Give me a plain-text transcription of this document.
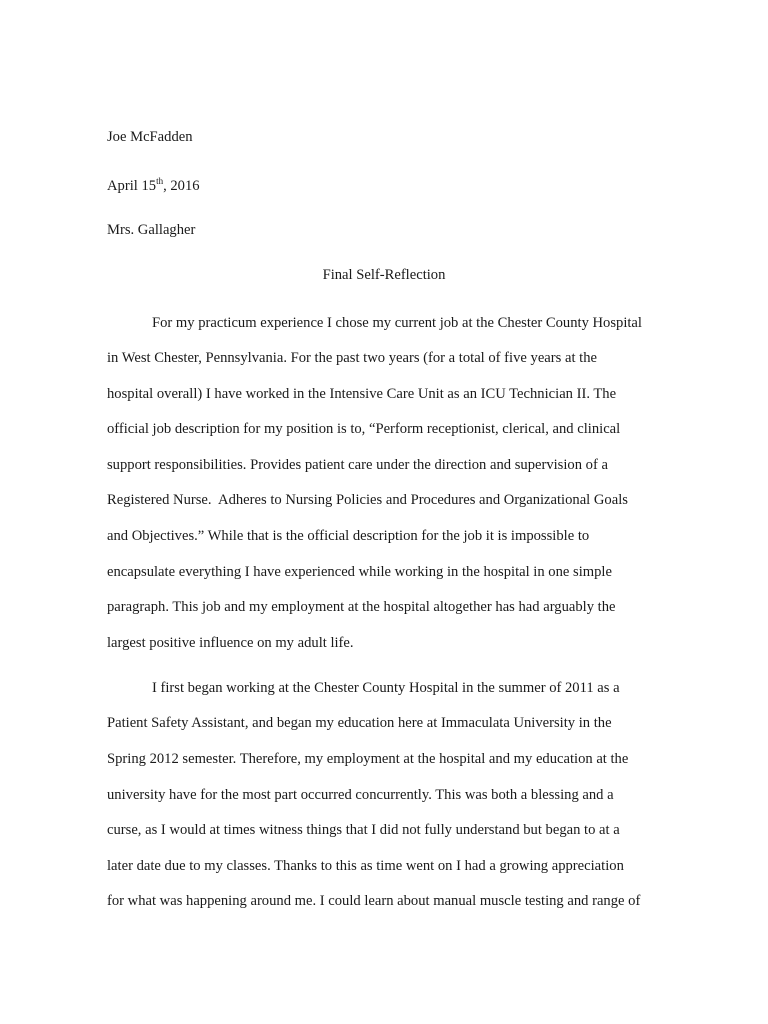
Joe McFadden
April 15th, 2016
Mrs. Gallagher
Final Self-Reflection
For my practicum experience I chose my current job at the Chester County Hospital
in West Chester, Pennsylvania. For the past two years (for a total of five years at the
hospital overall) I have worked in the Intensive Care Unit as an ICU Technician II. The
official job description for my position is to, “Perform receptionist, clerical, and clinical
support responsibilities. Provides patient care under the direction and supervision of a
Registered Nurse.  Adheres to Nursing Policies and Procedures and Organizational Goals
and Objectives.” While that is the official description for the job it is impossible to
encapsulate everything I have experienced while working in the hospital in one simple
paragraph. This job and my employment at the hospital altogether has had arguably the
largest positive influence on my adult life.
I first began working at the Chester County Hospital in the summer of 2011 as a
Patient Safety Assistant, and began my education here at Immaculata University in the
Spring 2012 semester. Therefore, my employment at the hospital and my education at the
university have for the most part occurred concurrently. This was both a blessing and a
curse, as I would at times witness things that I did not fully understand but began to at a
later date due to my classes. Thanks to this as time went on I had a growing appreciation
for what was happening around me. I could learn about manual muscle testing and range of
